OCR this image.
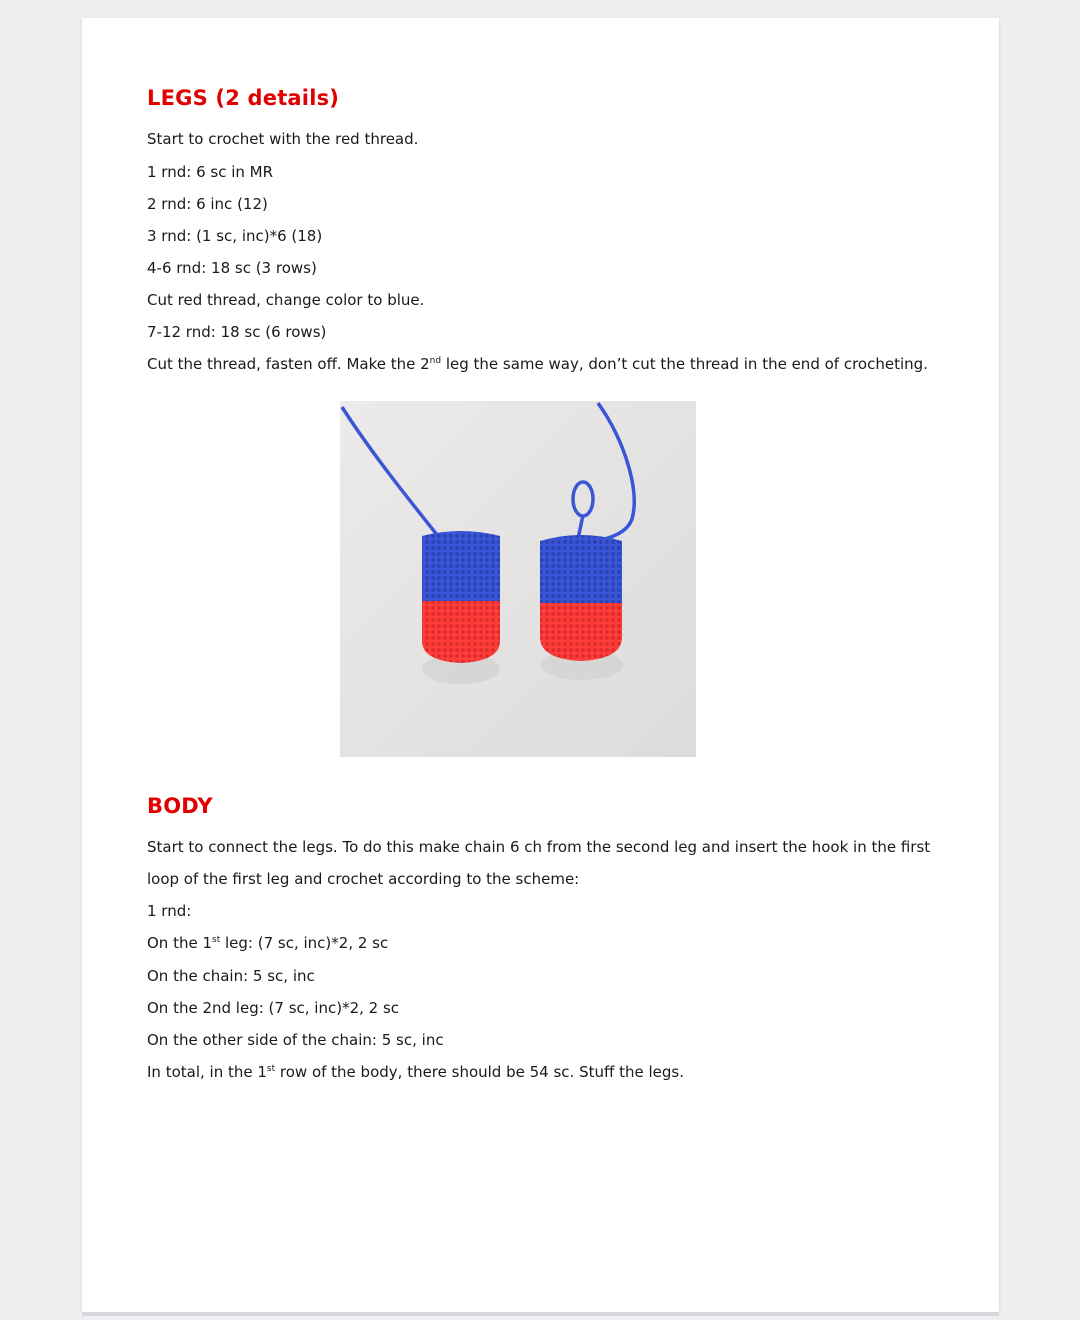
LEGS (2 details)
Start to crochet with the red thread.
1 rnd: 6 sc in MR
2 rnd: 6 inc (12)
3 rnd: (1 sc, inc)*6 (18)
4-6 rnd: 18 sc (3 rows)
Cut red thread, change color to blue.
7-12 rnd: 18 sc (6 rows)
Cut the thread, fasten off. Make the 2nd leg the same way, don’t cut the thread in the end of crocheting.
BODY
Start to connect the legs. To do this make chain 6 ch from the second leg and insert the hook in the first
loop of the first leg and crochet according to the scheme:
1 rnd:
On the 1st leg: (7 sc, inc)*2, 2 sc
On the chain: 5 sc, inc
On the 2nd leg: (7 sc, inc)*2, 2 sc
On the other side of the chain: 5 sc, inc
In total, in the 1st row of the body, there should be 54 sc. Stuff the legs.
